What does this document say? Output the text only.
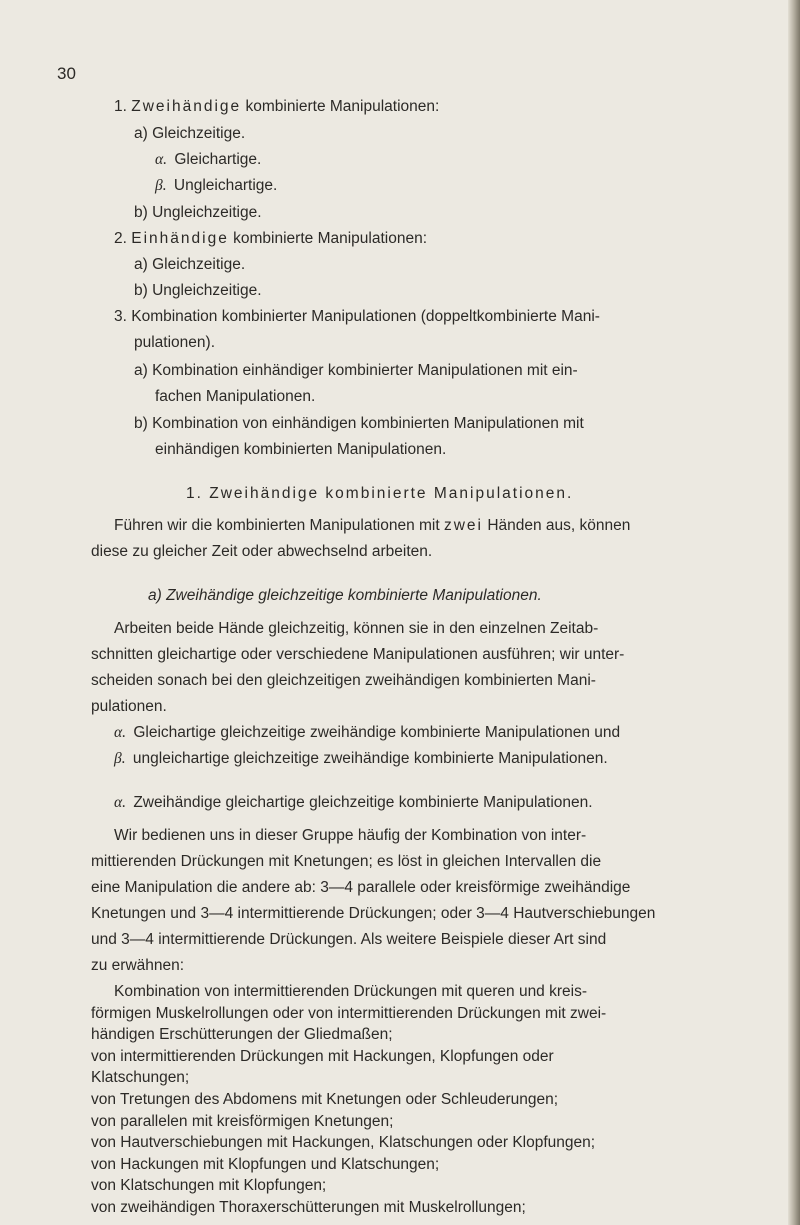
30
1. Zweihändige kombinierte Manipulationen:
a) Gleichzeitige.
α. Gleichartige.
β. Ungleichartige.
b) Ungleichzeitige.
2. Einhändige kombinierte Manipulationen:
a) Gleichzeitige.
b) Ungleichzeitige.
3. Kombination kombinierter Manipulationen (doppeltkombinierte Mani-
pulationen).
a) Kombination einhändiger kombinierter Manipulationen mit ein-
fachen Manipulationen.
b) Kombination von einhändigen kombinierten Manipulationen mit
einhändigen kombinierten Manipulationen.
1. Zweihändige kombinierte Manipulationen.
Führen wir die kombinierten Manipulationen mit zwei Händen aus, können
diese zu gleicher Zeit oder abwechselnd arbeiten.
a) Zweihändige gleichzeitige kombinierte Manipulationen.
Arbeiten beide Hände gleichzeitig, können sie in den einzelnen Zeitab-
schnitten gleichartige oder verschiedene Manipulationen ausführen; wir unter-
scheiden sonach bei den gleichzeitigen zweihändigen kombinierten Mani-
pulationen.
α. Gleichartige gleichzeitige zweihändige kombinierte Manipulationen und
β. ungleichartige gleichzeitige zweihändige kombinierte Manipulationen.
α. Zweihändige gleichartige gleichzeitige kombinierte Manipulationen.
Wir bedienen uns in dieser Gruppe häufig der Kombination von inter-
mittierenden Drückungen mit Knetungen; es löst in gleichen Intervallen die
eine Manipulation die andere ab: 3—4 parallele oder kreisförmige zweihändige
Knetungen und 3—4 intermittierende Drückungen; oder 3—4 Hautverschiebungen
und 3—4 intermittierende Drückungen. Als weitere Beispiele dieser Art sind
zu erwähnen:
Kombination von intermittierenden Drückungen mit queren und kreis-
förmigen Muskelrollungen oder von intermittierenden Drückungen mit zwei-
händigen Erschütterungen der Gliedmaßen;
von intermittierenden Drückungen mit Hackungen, Klopfungen oder
Klatschungen;
von Tretungen des Abdomens mit Knetungen oder Schleuderungen;
von parallelen mit kreisförmigen Knetungen;
von Hautverschiebungen mit Hackungen, Klatschungen oder Klopfungen;
von Hackungen mit Klopfungen und Klatschungen;
von Klatschungen mit Klopfungen;
von zweihändigen Thoraxerschütterungen mit Muskelrollungen;
